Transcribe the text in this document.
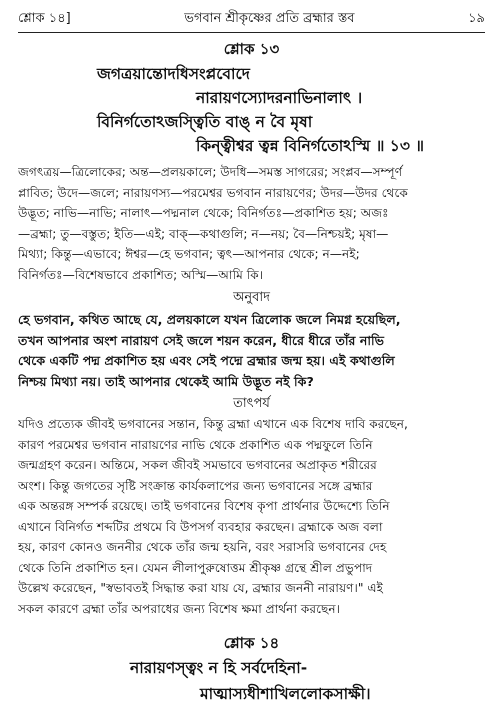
শ্লোক ১৪]	ভগবান শ্রীকৃষ্ণের প্রতি ব্রহ্মার স্তব	১৯
শ্লোক ১৩
জগত্রয়ান্তোদধিসংপ্লবোদে
নারায়ণস্যোদরনাভিনালাৎ ।
বিনির্গতোঽজস্ত্বিতি বাঙ্ ন বৈ মৃষা
কিন্ত্বীশ্বর ত্বন্ন বিনির্গতোঽস্মি ॥ ১৩ ॥
জগৎত্রয়—ত্রিলোকের; অন্ত—প্রলয়কালে; উদধি—সমস্ত সাগরের; সংপ্লব—সম্পূর্ণ
প্লাবিত; উদে—জলে; নারায়ণস্য—পরমেশ্বর ভগবান নারায়ণের; উদর—উদর থেকে
উদ্ভূত; নাভি—নাভি; নালাৎ—পদ্মনাল থেকে; বিনির্গতঃ—প্রকাশিত হয়; অজঃ
—ব্রহ্মা; তু—বস্তুত; ইতি—এই; বাক্—কথাগুলি; ন—নয়; বৈ—নিশ্চয়ই; মৃষা—
মিথ্যা; কিন্তু—এভাবে; ঈশ্বর—হে ভগবান; ত্বৎ—আপনার থেকে; ন—নই;
বিনির্গতঃ—বিশেষভাবে প্রকাশিত; অস্মি—আমি কি।
অনুবাদ
হে ভগবান, কথিত আছে যে, প্রলয়কালে যখন ত্রিলোক জলে নিমগ্ন হয়েছিল,
তখন আপনার অংশ নারায়ণ সেই জলে শয়ন করেন, ধীরে ধীরে তাঁর নাভি
থেকে একটি পদ্ম প্রকাশিত হয় এবং সেই পদ্মে ব্রহ্মার জন্ম হয়। এই কথাগুলি
নিশ্চয় মিথ্যা নয়। তাই আপনার থেকেই আমি উদ্ভূত নই কি?
তাৎপর্য
যদিও প্রত্যেক জীবই ভগবানের সন্তান, কিন্তু ব্রহ্মা এখানে এক বিশেষ দাবি করছেন,
কারণ পরমেশ্বর ভগবান নারায়ণের নাভি থেকে প্রকাশিত এক পদ্মফুলে তিনি
জন্মগ্রহণ করেন। অন্তিমে, সকল জীবই সমভাবে ভগবানের অপ্রাকৃত শরীরের
অংশ। কিন্তু জগতের সৃষ্টি সংক্রান্ত কার্যকলাপের জন্য ভগবানের সঙ্গে ব্রহ্মার
এক অন্তরঙ্গ সম্পর্ক রয়েছে। তাই ভগবানের বিশেষ কৃপা প্রার্থনার উদ্দেশ্যে তিনি
এখানে বিনির্গত শব্দটির প্রথমে বি উপসর্গ ব্যবহার করছেন। ব্রহ্মাকে অজ বলা
হয়, কারণ কোনও জননীর থেকে তাঁর জন্ম হয়নি, বরং সরাসরি ভগবানের দেহ
থেকে তিনি প্রকাশিত হন। যেমন লীলাপুরুষোত্তম শ্রীকৃষ্ণ গ্রন্থে শ্রীল প্রভুপাদ
উল্লেখ করেছেন, "স্বভাবতই সিদ্ধান্ত করা যায় যে, ব্রহ্মার জননী নারায়ণ।" এই
সকল কারণে ব্রহ্মা তাঁর অপরাধের জন্য বিশেষ ক্ষমা প্রার্থনা করছেন।
শ্লোক ১৪
নারায়ণস্ত্বং ন হি সর্বদেহিনা-
মাত্মাস্যধীশাখিললোকসাক্ষী।
